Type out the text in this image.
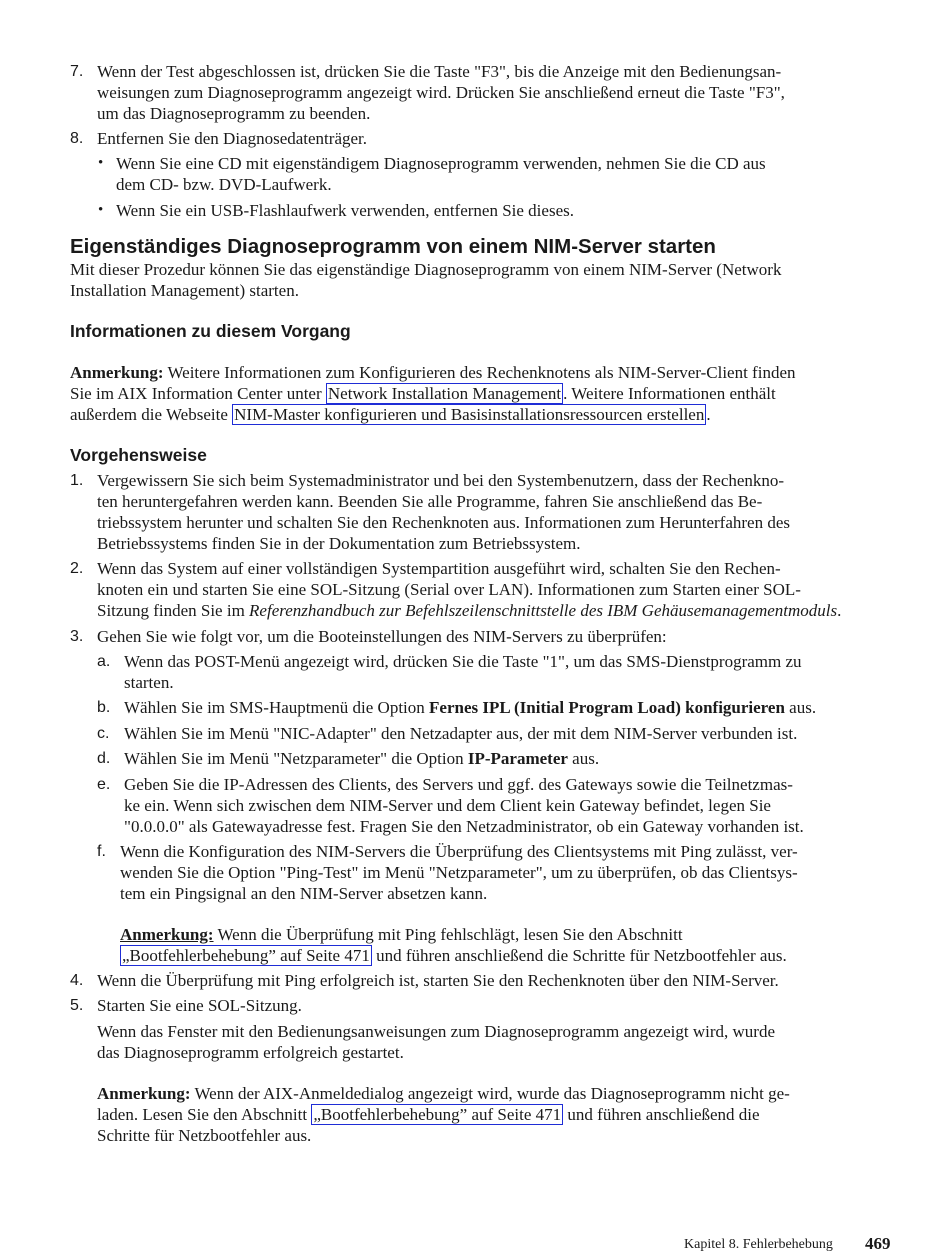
7. Wenn der Test abgeschlossen ist, drücken Sie die Taste "F3", bis die Anzeige mit den Bedienungsan-
weisungen zum Diagnoseprogramm angezeigt wird. Drücken Sie anschließend erneut die Taste "F3",
um das Diagnoseprogramm zu beenden.
8. Entfernen Sie den Diagnosedatenträger.
• Wenn Sie eine CD mit eigenständigem Diagnoseprogramm verwenden, nehmen Sie die CD aus
dem CD- bzw. DVD-Laufwerk.
• Wenn Sie ein USB-Flashlaufwerk verwenden, entfernen Sie dieses.
Eigenständiges Diagnoseprogramm von einem NIM-Server starten
Mit dieser Prozedur können Sie das eigenständige Diagnoseprogramm von einem NIM-Server (Network
Installation Management) starten.
Informationen zu diesem Vorgang
Anmerkung: Weitere Informationen zum Konfigurieren des Rechenknotens als NIM-Server-Client finden
Sie im AIX Information Center unter Network Installation Management . Weitere Informationen enthält
außerdem die Webseite NIM-Master konfigurieren und Basisinstallationsressourcen erstellen .
Vorgehensweise
1. Vergewissern Sie sich beim Systemadministrator und bei den Systembenutzern, dass der Rechenkno-
ten heruntergefahren werden kann. Beenden Sie alle Programme, fahren Sie anschließend das Be-
triebssystem herunter und schalten Sie den Rechenknoten aus. Informationen zum Herunterfahren des
Betriebssystems finden Sie in der Dokumentation zum Betriebssystem.
2. Wenn das System auf einer vollständigen Systempartition ausgeführt wird, schalten Sie den Rechen-
knoten ein und starten Sie eine SOL-Sitzung (Serial over LAN). Informationen zum Starten einer SOL-
Sitzung finden Sie im Referenzhandbuch zur Befehlszeilenschnittstelle des IBM Gehäusemanagementmoduls.
3. Gehen Sie wie folgt vor, um die Booteinstellungen des NIM-Servers zu überprüfen:
a. Wenn das POST-Menü angezeigt wird, drücken Sie die Taste "1", um das SMS-Dienstprogramm zu
starten.
b. Wählen Sie im SMS-Hauptmenü die Option Fernes IPL (Initial Program Load) konfigurieren aus.
c. Wählen Sie im Menü "NIC-Adapter" den Netzadapter aus, der mit dem NIM-Server verbunden ist.
d. Wählen Sie im Menü "Netzparameter" die Option IP-Parameter aus.
e. Geben Sie die IP-Adressen des Clients, des Servers und ggf. des Gateways sowie die Teilnetzmas-
ke ein. Wenn sich zwischen dem NIM-Server und dem Client kein Gateway befindet, legen Sie
"0.0.0.0" als Gatewayadresse fest. Fragen Sie den Netzadministrator, ob ein Gateway vorhanden ist.
f. Wenn die Konfiguration des NIM-Servers die Überprüfung des Clientsystems mit Ping zulässt, ver-
wenden Sie die Option "Ping-Test" im Menü "Netzparameter", um zu überprüfen, ob das Clientsys-
tem ein Pingsignal an den NIM-Server absetzen kann.
Anmerkung: Wenn die Überprüfung mit Ping fehlschlägt, lesen Sie den Abschnitt
„Bootfehlerbehebung” auf Seite 471 und führen anschließend die Schritte für Netzbootfehler aus.
4. Wenn die Überprüfung mit Ping erfolgreich ist, starten Sie den Rechenknoten über den NIM-Server.
5. Starten Sie eine SOL-Sitzung.
Wenn das Fenster mit den Bedienungsanweisungen zum Diagnoseprogramm angezeigt wird, wurde
das Diagnoseprogramm erfolgreich gestartet.
Anmerkung: Wenn der AIX-Anmeldedialog angezeigt wird, wurde das Diagnoseprogramm nicht ge-
laden. Lesen Sie den Abschnitt „Bootfehlerbehebung” auf Seite 471 und führen anschließend die
Schritte für Netzbootfehler aus.
Kapitel 8. Fehlerbehebung 469
